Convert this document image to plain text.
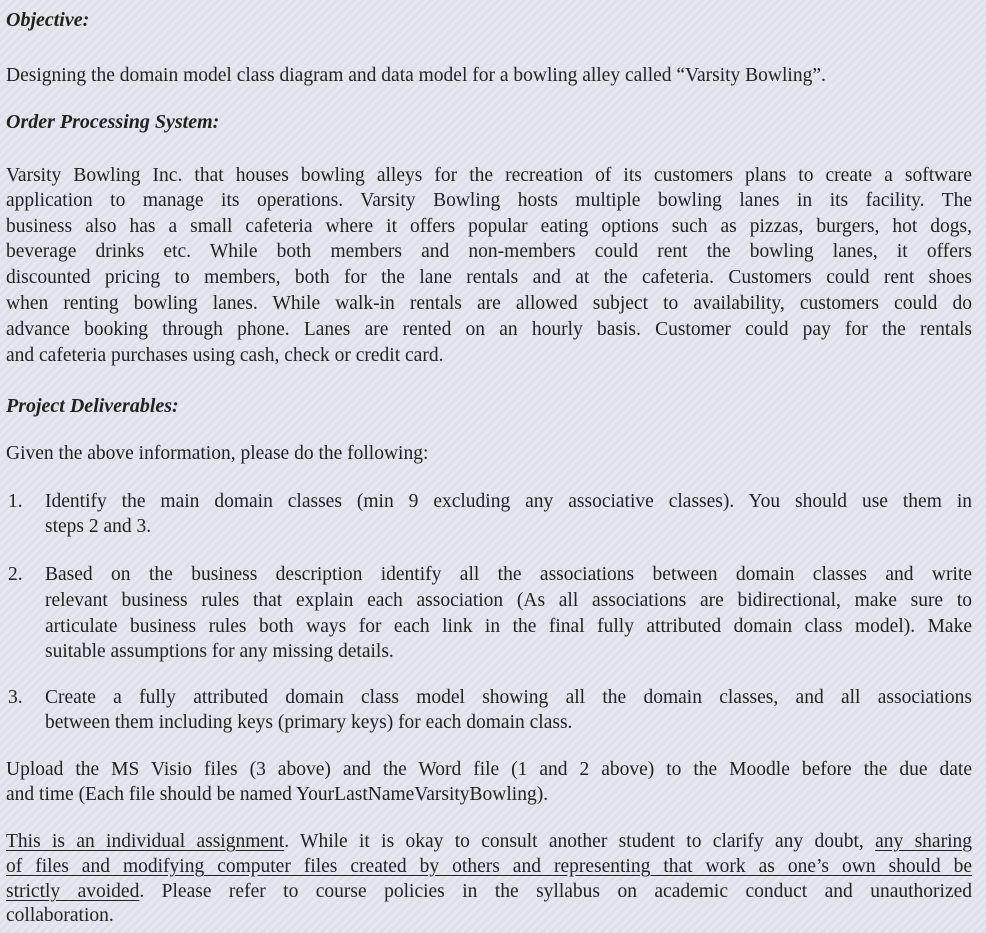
Objective:
Designing the domain model class diagram and data model for a bowling alley called “Varsity Bowling”.
Order Processing System:
Varsity Bowling Inc. that houses bowling alleys for the recreation of its customers plans to create a software
application to manage its operations. Varsity Bowling hosts multiple bowling lanes in its facility. The
business also has a small cafeteria where it offers popular eating options such as pizzas, burgers, hot dogs,
beverage drinks etc. While both members and non-members could rent the bowling lanes, it offers
discounted pricing to members, both for the lane rentals and at the cafeteria. Customers could rent shoes
when renting bowling lanes. While walk-in rentals are allowed subject to availability, customers could do
advance booking through phone. Lanes are rented on an hourly basis. Customer could pay for the rentals
and cafeteria purchases using cash, check or credit card.
Project Deliverables:
Given the above information, please do the following:
1. Identify the main domain classes (min 9 excluding any associative classes). You should use them in
steps 2 and 3.
2. Based on the business description identify all the associations between domain classes and write
relevant business rules that explain each association (As all associations are bidirectional, make sure to
articulate business rules both ways for each link in the final fully attributed domain class model). Make
suitable assumptions for any missing details.
3. Create a fully attributed domain class model showing all the domain classes, and all associations
between them including keys (primary keys) for each domain class.
Upload the MS Visio files (3 above) and the Word file (1 and 2 above) to the Moodle before the due date
and time (Each file should be named YourLastNameVarsityBowling).
This is an individual assignment. While it is okay to consult another student to clarify any doubt, any sharing
of files and modifying computer files created by others and representing that work as one’s own should be
strictly avoided. Please refer to course policies in the syllabus on academic conduct and unauthorized
collaboration.
